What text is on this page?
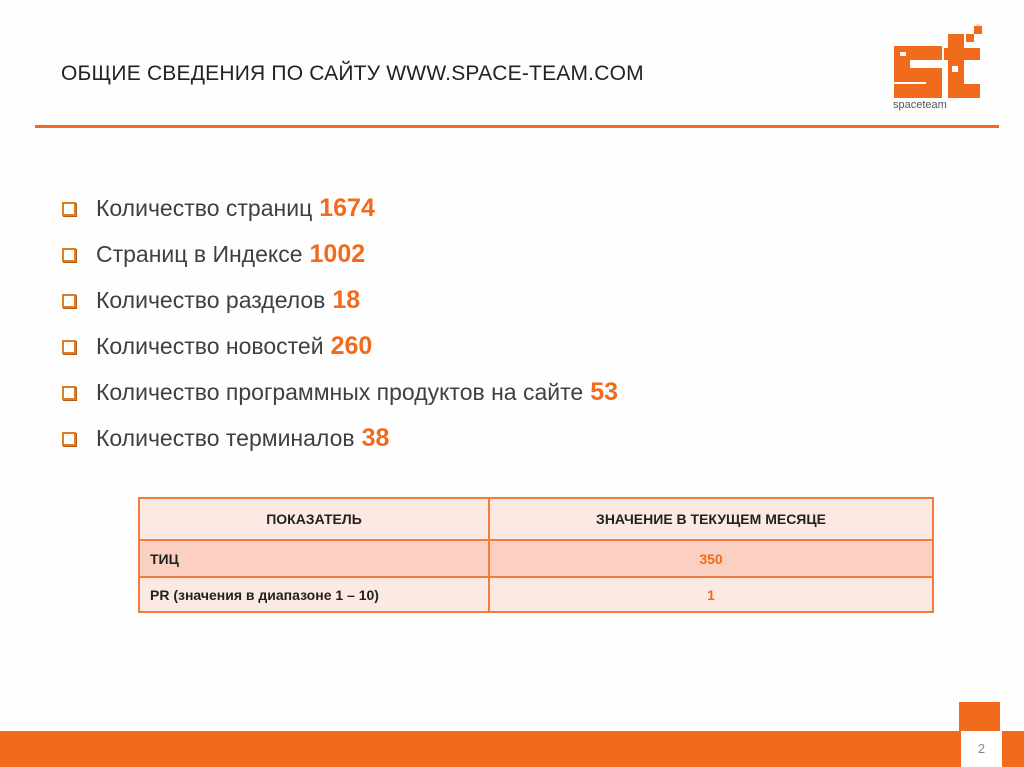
ОБЩИЕ СВЕДЕНИЯ ПО САЙТУ WWW.SPACE-TEAM.COM
®
spaceteam
Количество страниц 1674
Страниц в Индексе 1002
Количество разделов 18
Количество новостей 260
Количество программных продуктов на сайте 53
Количество терминалов 38
ПОКАЗАТЕЛЬ	ЗНАЧЕНИЕ В ТЕКУЩЕМ МЕСЯЦЕ
ТИЦ	350
PR (значения в диапазоне 1 – 10)	1
2
